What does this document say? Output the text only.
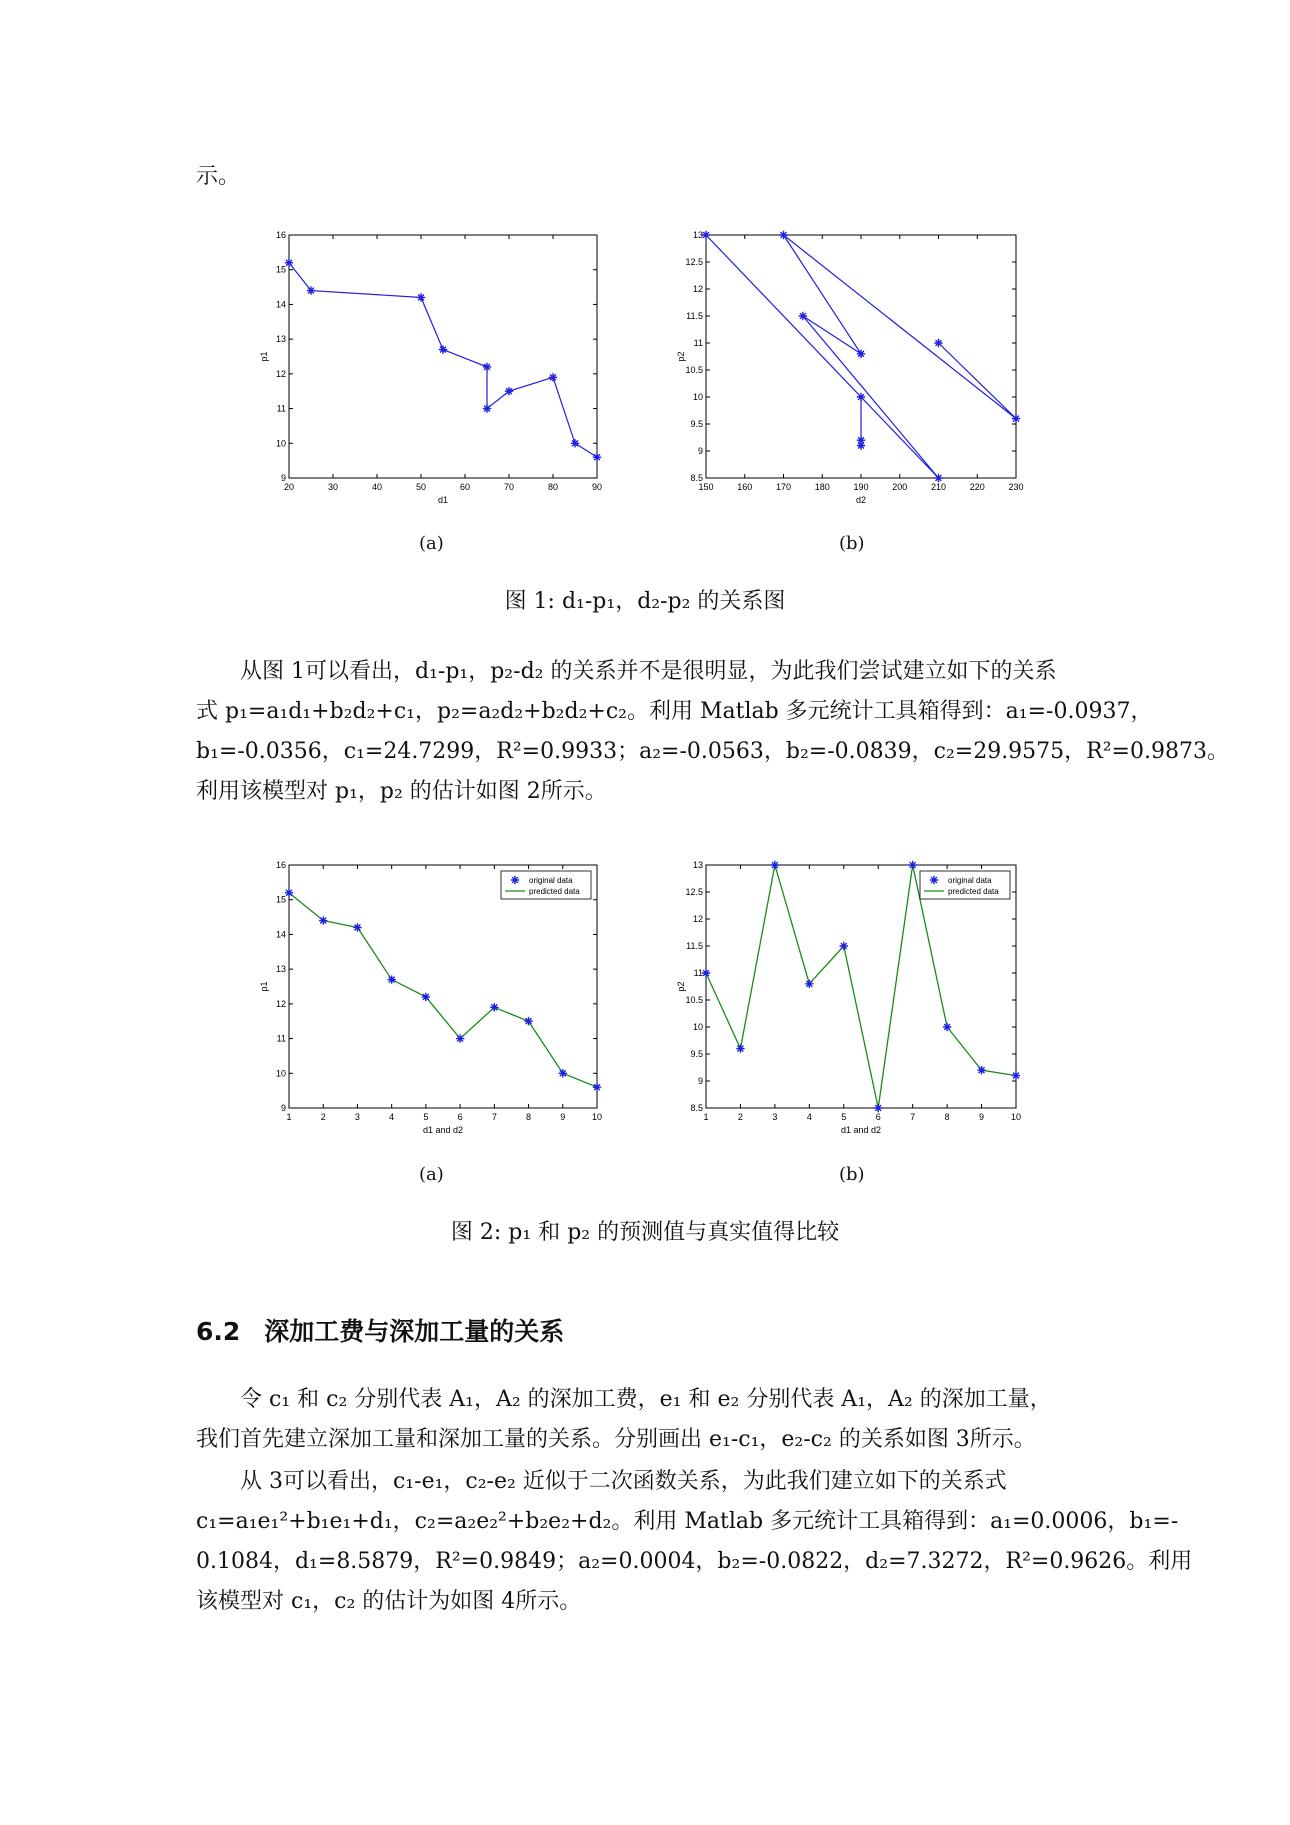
示。
20	30	40	50	60	70	80	90
9
10
11
12
13
14
15
16
d1
p1
150	160	170	180	190	200	210	220	230
8.5
9
9.5
10
10.5
11
11.5
12
12.5
13
d2
p2
(a)	(b)
图 1: d₁-p₁，d₂-p₂ 的关系图
从图 1可以看出，d₁-p₁，p₂-d₂ 的关系并不是很明显，为此我们尝试建立如下的关系
式 p₁=a₁d₁+b₂d₂+c₁，p₂=a₂d₂+b₂d₂+c₂。利用 Matlab 多元统计工具箱得到：a₁=-0.0937，
b₁=-0.0356，c₁=24.7299，R²=0.9933；a₂=-0.0563，b₂=-0.0839，c₂=29.9575，R²=0.9873。
利用该模型对 p₁，p₂ 的估计如图 2所示。
1	2	3	4	5	6	7	8	9	10
9
10
11
12
13
14
15
16
d1 and d2
p1
original data
predicted data
1	2	3	4	5	6	7	8	9	10
8.5
9
9.5
10
10.5
11
11.5
12
12.5
13
d1 and d2
p2
original data
predicted data
(a)	(b)
图 2: p₁ 和 p₂ 的预测值与真实值得比较
6.2 深加工费与深加工量的关系
令 c₁ 和 c₂ 分别代表 A₁，A₂ 的深加工费，e₁ 和 e₂ 分别代表 A₁，A₂ 的深加工量，
我们首先建立深加工量和深加工量的关系。分别画出 e₁-c₁，e₂-c₂ 的关系如图 3所示。
从 3可以看出，c₁-e₁，c₂-e₂ 近似于二次函数关系，为此我们建立如下的关系式
c₁=a₁e₁²+b₁e₁+d₁，c₂=a₂e₂²+b₂e₂+d₂。利用 Matlab 多元统计工具箱得到：a₁=0.0006，b₁=-
0.1084，d₁=8.5879，R²=0.9849；a₂=0.0004，b₂=-0.0822，d₂=7.3272，R²=0.9626。利用
该模型对 c₁，c₂ 的估计为如图 4所示。
